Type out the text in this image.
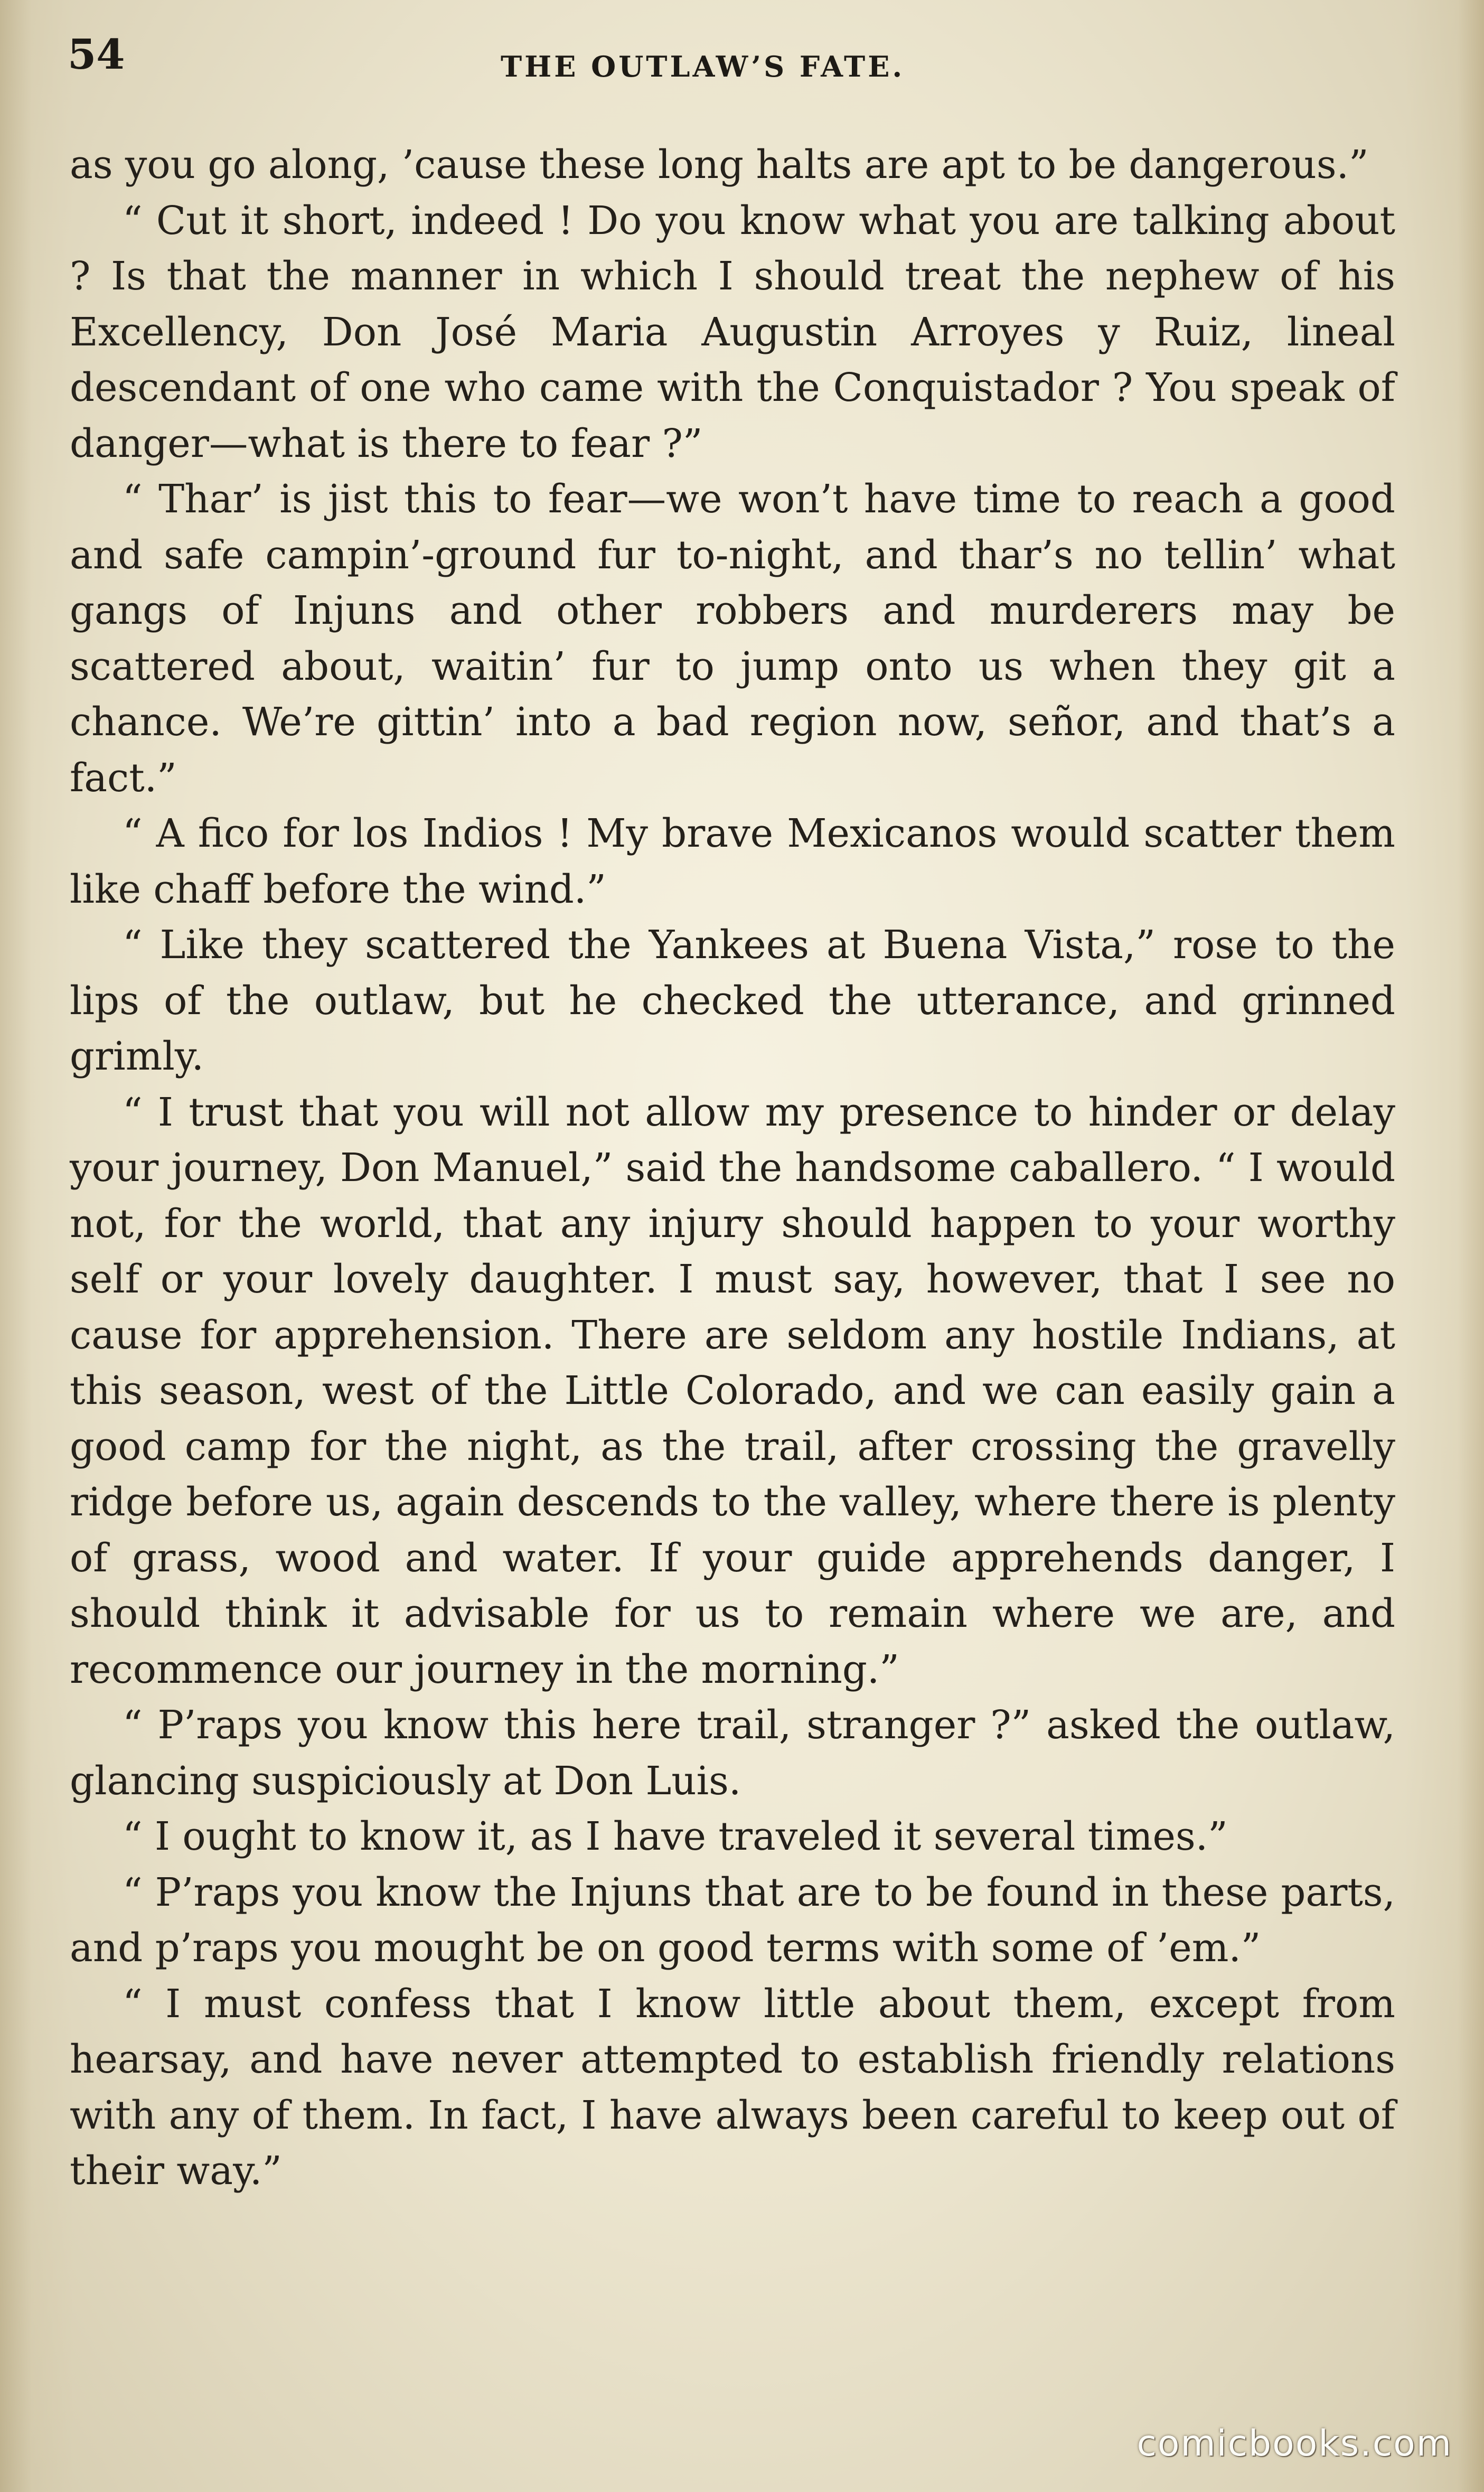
54	THE OUTLAW’S FATE.

as you go along, ’cause these long halts are apt to be dangerous.”

“ Cut it short, indeed ! Do you know what you are talking about ? Is that the manner in which I should treat the nephew of his Excellency, Don José Maria Augustin Arroyes y Ruiz, lineal descendant of one who came with the Conquistador ? You speak of danger—what is there to fear ?”

“ Thar’ is jist this to fear—we won’t have time to reach a good and safe campin’-ground fur to-night, and thar’s no tellin’ what gangs of Injuns and other robbers and murderers may be scattered about, waitin’ fur to jump onto us when they git a chance. We’re gittin’ into a bad region now, señor, and that’s a fact.”

“ A fico for los Indios ! My brave Mexicanos would scatter them like chaff before the wind.”

“ Like they scattered the Yankees at Buena Vista,” rose to the lips of the outlaw, but he checked the utterance, and grinned grimly.

“ I trust that you will not allow my presence to hinder or delay your journey, Don Manuel,” said the handsome caballero. “ I would not, for the world, that any injury should happen to your worthy self or your lovely daughter. I must say, however, that I see no cause for apprehension. There are seldom any hostile Indians, at this season, west of the Little Colorado, and we can easily gain a good camp for the night, as the trail, after crossing the gravelly ridge before us, again descends to the valley, where there is plenty of grass, wood and water. If your guide apprehends danger, I should think it advisable for us to remain where we are, and recommence our journey in the morning.”

“ P’raps you know this here trail, stranger ?” asked the outlaw, glancing suspiciously at Don Luis.

“ I ought to know it, as I have traveled it several times.”

“ P’raps you know the Injuns that are to be found in these parts, and p’raps you mought be on good terms with some of ’em.”

“ I must confess that I know little about them, except from hearsay, and have never attempted to establish friendly relations with any of them. In fact, I have always been careful to keep out of their way.”

comicbooks.com
